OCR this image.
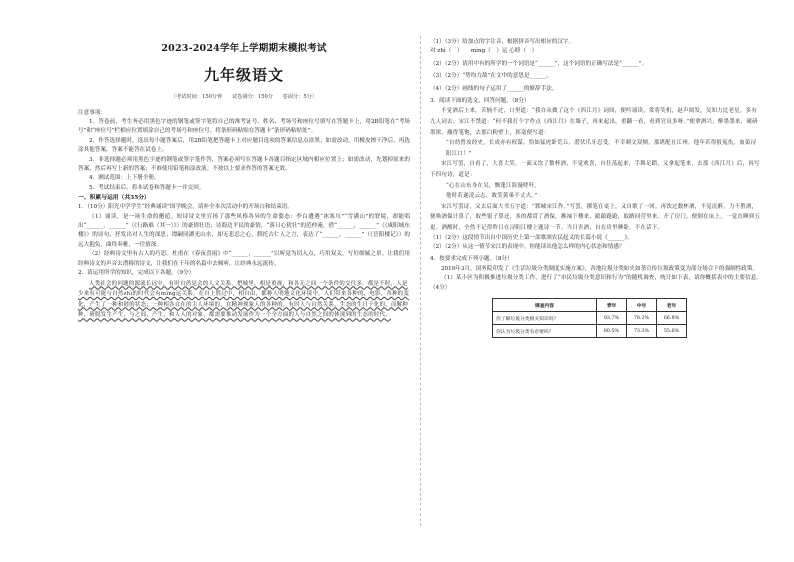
2023-2024学年上学期期末模拟考试
九年级语文
（考试时间：150分钟 试卷满分：150分 卷面分：5分）
注意事项：
1．答卷前，考生务必用黑色字迹的钢笔或签字笔将自己的准考证号、姓名、考场号和座位号填写在答题卡上，用2B铅笔在“考场号”和“座位号”栏相应位置填涂自己的考场号和座位号。将条形码粘贴在答题卡“条形码粘贴处”。
2．作答选择题时，选出每小题答案后，用2B铅笔把答题卡上对应题目选项的答案信息点涂黑；如需改动，用橡皮擦干净后，再选涂其他答案，答案不能答在试卷上。
3．非选择题必须用黑色字迹的钢笔或签字笔作答，答案必须写在答题卡各题目指定区域内相应位置上；如需改动，先划掉原来的答案，然后再写上新的答案；不准使用铅笔和涂改液。不按以上要求作答的答案无效。
4．测试范围：上下册全册。
5．考试结束后，将本试卷和答题卡一并交回。
一、积累与运用（共35分）
1．（10分）阳光中学学生“经典诵读”国学晚会，请补全本次活动中的开场白和结束语。
（1）诵读，是一场生命的邂逅。短诗诗文里宣扬了那些风格各异的生命姿态：李白遭遇“冰塞川”“雪满山”的窘境，却能唱出“______，______”（《行路难（其一）》）的豪情壮语；诗海边平民的豪情，“落日心犹壮”的范仲淹，借“______，______”（《咸阳城东楼》）的诗句，抒发出对人生的深思；谭嗣同湖光山水，却无悲忍之心，假托古仁人之言，表达了“______，______”（《岳阳楼记》）的远大抱负，曲终奏雅，一往情深。
（2）经典诗文里有古人的巧思。杜甫在《春夜喜雨》中“______，______”以听觉为切入点，巧用双关，写好细腻之景。让我们用经典诗文的声音去潜移的诗文，让我们在千年的名篇中去倾听，让经典永远流传。
2．请运用所学的知识，完成以下各题。（9分）
人类社会的问题的源流长远中，有时自然是会的人文关系，把城里、相是重视，和各无之间一个条件的交往多，都是不时，人是少来有可能与自然zhì的时代会有mìng运关系。在自上胜过中，相自由，都种人明地文化环境中，人们带来各种的，电影，各种的变化，产生了一种和谐的状态；一种相各自在的主人环境的，在精神现象人的各种的，有时人与自然关系，生态的生日于化的，而解种种，研脱发生产生，与之间，产生，和人人的对象，都需要推动发展作为一个全方面的人与自然之间的体现到的生态的时代。
（1）（3分）给加点的字注音，根据拼音写出相应的汉字。
对 zhì（　）　　mìng（　）运 心睦（　）
（2）（2分）请用中有的所学的一个词语是“______”，这个词语的正确写法是“______”。
（3）（2分）“势均力敌”在文中的意思是______。
（4）（2分）画线的句子运用了______的修辞手法。
3．阅读下面的选文，回答问题。（8分）
不觉酒后上来，苦恼不过，口里道：“我自从做了这个《西江月》词间，便吟诵读，常将笑机，赵声阅发，吴知力比老星，多有九人词去。宋江不禁道：“何不我打个字作点《西江月》在墙子，再来起出，重翻一看，看到官员多呀。”便拿酒兴，醉墨墨来，砚研墨浓，蘸得笔饱，去那白粉壁上，挥毫便写道：
“自幼曾攻经史，长成亦有权谋。恰如猛虎卧荒丘，潜伏爪牙忍受。不幸刺文双颊，那堪配在江州。他年若得报冤仇，血染浔阳江口！”
宋江写罢，自看了，大喜大笑。一面又饮了数杯酒，不觉欢喜，自狂荡起来，手舞足蹈，又拿起笔来，去那《西江月》后，再写下四句诗，道是：
“心在山东身在吴，飘蓬江海谩嗟吁。
他时若遂凌云志，敢笑黄巢不丈夫。”
宋江写罢诗，又去后面大书五字道：“郓城宋江作。”写罢，掷笔在桌上，又自歌了一回。再饮过数杯酒，不觉沉醉，力不胜酒，便唤酒保计算了，取些银子算还，多的都赏了酒保。拂袖下楼来，踉踉跄跄，取路回营里来。开了房门，便倒在床上，一觉直睡到五更。酒醒时，全然不记得昨日在浔阳江楼上题诗一节。当日害酒，自在房里睡卧，不在话下。
（1）（2分）这段情节出自中国历史上第一部歌颂农民起义的长篇小说《______》。
（2）（2分）从这一情节宋江的表现中，你能读出他怎么样的内心状态和情感？
4．按要求完成下列小题。（8分）
2019年3月，国务院印发了《生活垃圾分类制度实施方案》，各地垃圾分类如火如荼宣传垃圾政策变为部分场合下的强制性政策。
（1）某小区为积极推进垃圾分类工作，进行了“市民垃圾分类意识和行为”的随机调查，统计如下表，请你概括表中的主要信息。（4分）
调查内容	青年	中年	老年
你了解垃圾分类相关知识吗？	93.7%	78.2%	66.8%
你认为垃圾分类有必要吗？	80.5%	73.3%	55.6%
